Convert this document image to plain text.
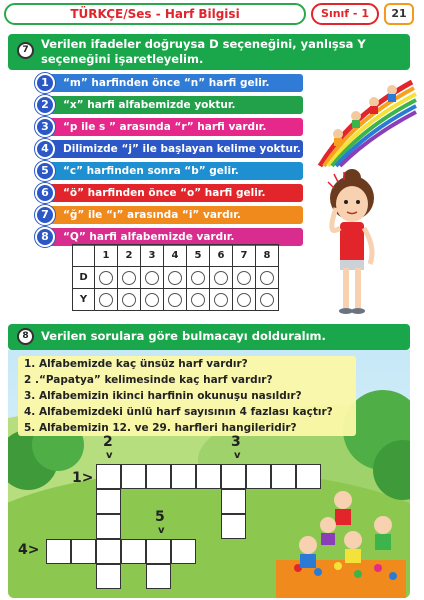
TÜRKÇE/Ses - Harf Bilgisi	Sınıf - 1	21
7	Verilen ifadeler doğruysa D seçeneğini, yanlışsa Y seçeneğini işaretleyelim.
1	“m” harfinden önce “n” harfi gelir.
2	“x” harfi alfabemizde yoktur.
3	“p ile s ” arasında “r” harfi vardır.
4	Dilimizde “j” ile başlayan kelime yoktur.
5	“c” harfinden sonra “b” gelir.
6	“ö” harfinden önce “o” harfi gelir.
7	“ğ” ile “ı” arasında “i” vardır.
8	“Q” harfi alfabemizde vardır.
	1	2	3	4	5	6	7	8
D								
Y								
8	Verilen sorulara göre bulmacayı dolduralım.
1. Alfabemizde kaç ünsüz harf vardır?
2 .“Papatya” kelimesinde kaç harf vardır?
3. Alfabemizin ikinci harfinin okunuşu nasıldır?
4. Alfabemizdeki ünlü harf sayısının 4 fazlası kaçtır?
5. Alfabemizin 12. ve 29. harfleri hangileridir?
2
v
3
v
1>
5
v
4>
